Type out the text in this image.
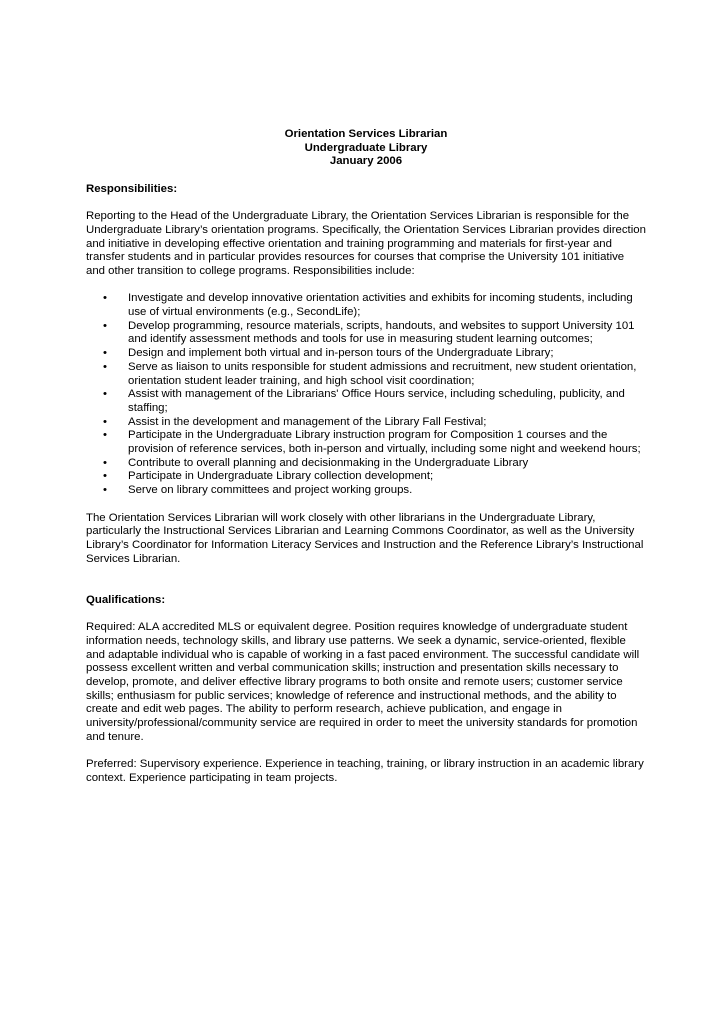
Orientation Services Librarian
Undergraduate Library
January 2006
Responsibilities:

Reporting to the Head of the Undergraduate Library, the Orientation Services Librarian is responsible for the Undergraduate Library’s orientation programs. Specifically, the Orientation Services Librarian provides direction and initiative in developing effective orientation and training programming and materials for first-year and transfer students and in particular provides resources for courses that comprise the University 101 initiative and other transition to college programs. Responsibilities include:

• Investigate and develop innovative orientation activities and exhibits for incoming students, including use of virtual environments (e.g., SecondLife);
• Develop programming, resource materials, scripts, handouts, and websites to support University 101 and identify assessment methods and tools for use in measuring student learning outcomes;
• Design and implement both virtual and in-person tours of the Undergraduate Library;
• Serve as liaison to units responsible for student admissions and recruitment, new student orientation, orientation student leader training, and high school visit coordination;
• Assist with management of the Librarians' Office Hours service, including scheduling, publicity, and staffing;
• Assist in the development and management of the Library Fall Festival;
• Participate in the Undergraduate Library instruction program for Composition 1 courses and the provision of reference services, both in-person and virtually, including some night and weekend hours;
• Contribute to overall planning and decisionmaking in the Undergraduate Library
• Participate in Undergraduate Library collection development;
• Serve on library committees and project working groups.

The Orientation Services Librarian will work closely with other librarians in the Undergraduate Library, particularly the Instructional Services Librarian and Learning Commons Coordinator, as well as the University Library’s Coordinator for Information Literacy Services and Instruction and the Reference Library’s Instructional Services Librarian.

Qualifications:

Required: ALA accredited MLS or equivalent degree. Position requires knowledge of undergraduate student information needs, technology skills, and library use patterns. We seek a dynamic, service-oriented, flexible and adaptable individual who is capable of working in a fast paced environment. The successful candidate will possess excellent written and verbal communication skills; instruction and presentation skills necessary to develop, promote, and deliver effective library programs to both onsite and remote users; customer service skills; enthusiasm for public services; knowledge of reference and instructional methods, and the ability to create and edit web pages. The ability to perform research, achieve publication, and engage in university/professional/community service are required in order to meet the university standards for promotion and tenure.

Preferred: Supervisory experience. Experience in teaching, training, or library instruction in an academic library context. Experience participating in team projects.
